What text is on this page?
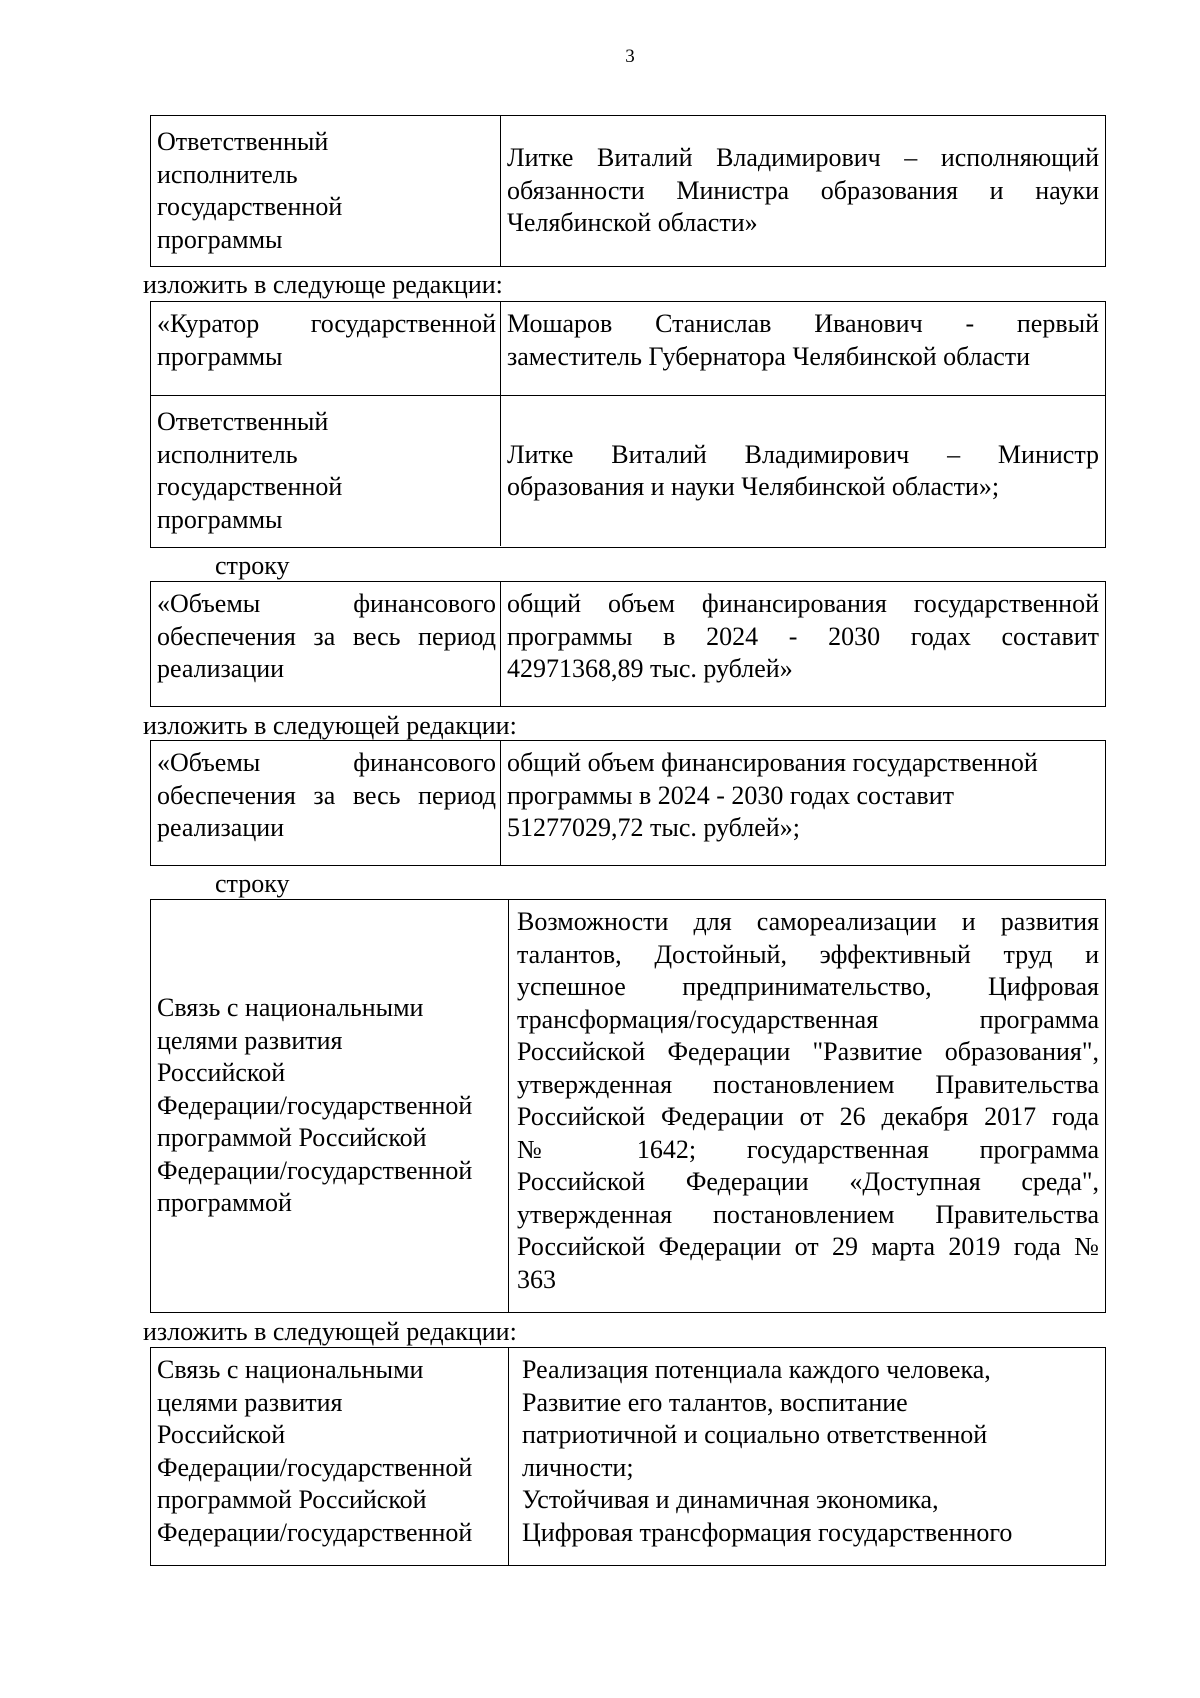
3
Ответственный
исполнитель
государственной
программы
Литке Виталий Владимирович – исполняющий
обязанности Министра образования и науки
Челябинской области»
изложить в следующе редакции:
«Куратор государственной
программы
Мошаров Станислав Иванович - первый
заместитель Губернатора Челябинской области
Ответственный
исполнитель
государственной
программы
Литке Виталий Владимирович – Министр
образования и науки Челябинской области»;
строку
«Объемы финансового
обеспечения за весь период
реализации
общий объем финансирования государственной
программы в 2024 - 2030 годах составит
42971368,89 тыс. рублей»
изложить в следующей редакции:
«Объемы финансового
обеспечения за весь период
реализации
общий объем финансирования государственной
программы в 2024 - 2030 годах составит
51277029,72 тыс. рублей»;
строку
Связь с национальными
целями развития
Российской
Федерации/государственной
программой Российской
Федерации/государственной
программой
Возможности для самореализации и развития
талантов, Достойный, эффективный труд и
успешное предпринимательство, Цифровая
трансформация/государственная программа
Российской Федерации "Развитие образования",
утвержденная постановлением Правительства
Российской Федерации от 26 декабря 2017 года
№ 1642; государственная программа
Российской Федерации «Доступная среда",
утвержденная постановлением Правительства
Российской Федерации от 29 марта 2019 года №
363
изложить в следующей редакции:
Связь с национальными
целями развития
Российской
Федерации/государственной
программой Российской
Федерации/государственной
Реализация потенциала каждого человека,
Развитие его талантов, воспитание
патриотичной и социально ответственной
личности;
Устойчивая и динамичная экономика,
Цифровая трансформация государственного
